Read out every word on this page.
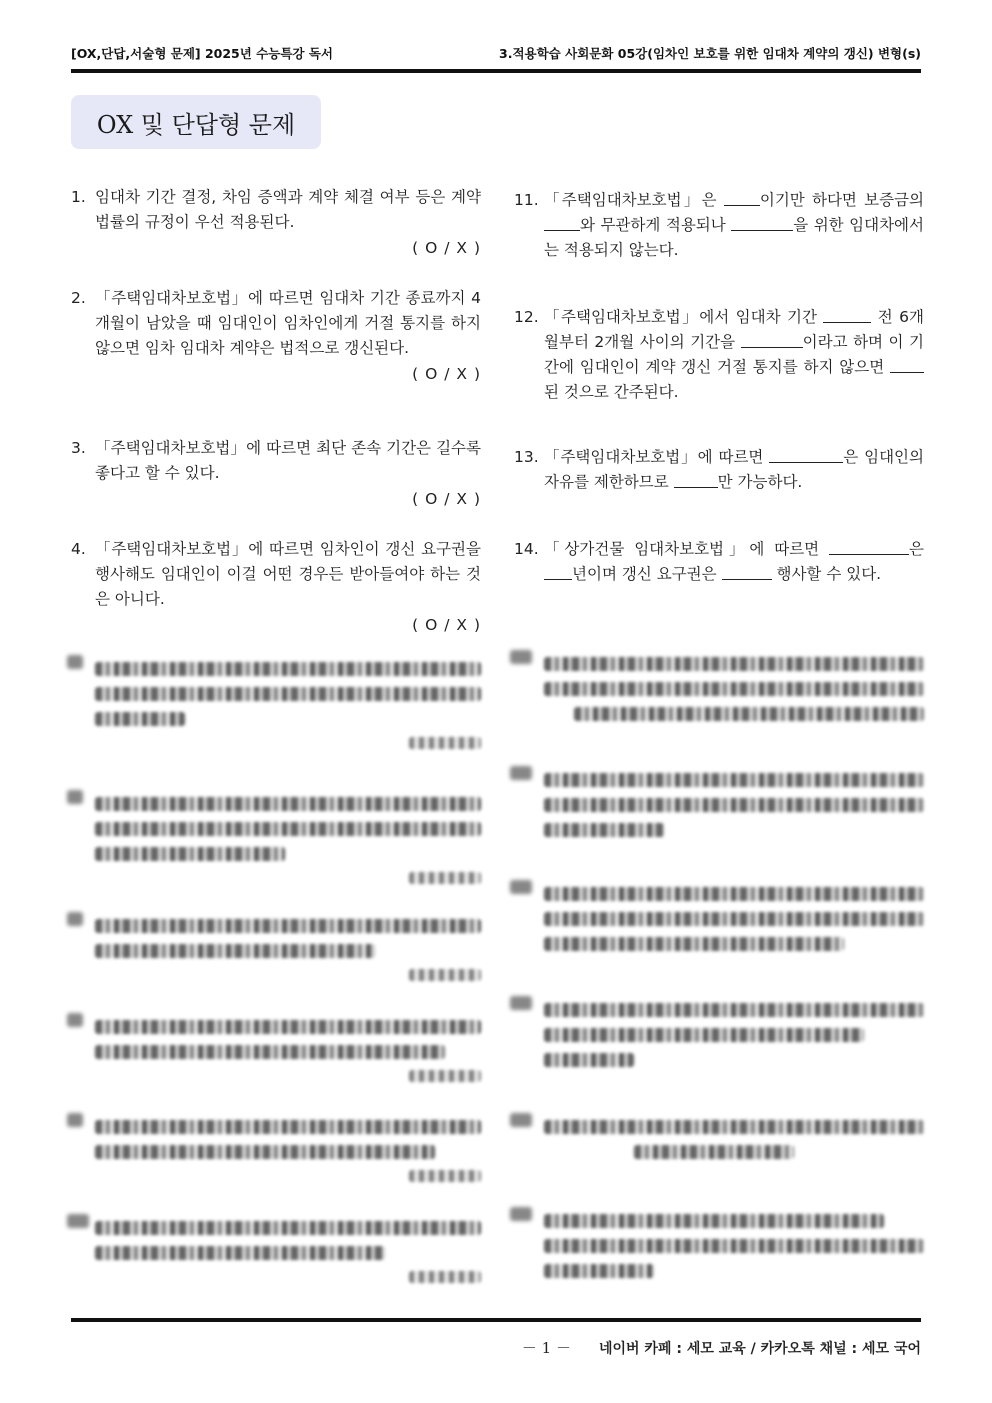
[OX,단답,서술형 문제] 2025년 수능특강 독서	3.적용학습 사회문화 05강(임차인 보호를 위한 임대차 계약의 갱신) 변형(s)
OX 및 단답형 문제
1. 임대차 기간 결정, 차임 증액과 계약 체결 여부 등은 계약 법률의 규정이 우선 적용된다.
( O / X )
2. 「주택임대차보호법」에 따르면 임대차 기간 종료까지 4개월이 남았을 때 임대인이 임차인에게 거절 통지를 하지 않으면 임차 임대차 계약은 법적으로 갱신된다.
( O / X )
3. 「주택임대차보호법」에 따르면 최단 존속 기간은 길수록 좋다고 할 수 있다.
( O / X )
4. 「주택임대차보호법」에 따르면 임차인이 갱신 요구권을 행사해도 임대인이 이걸 어떤 경우든 받아들여야 하는 것은 아니다.
( O / X )
11. 「주택임대차보호법」은 이기만 하다면 보증금의 와 무관하게 적용되나	을 위한 임대차에서는 적용되지 않는다.
12. 「주택임대차보호법」에서 임대차 기간	전 6개월부터 2개월 사이의 기간을	이라고 하며 이 기간에 임대인이 계약 갱신 거절 통지를 하지 않으면 된 것으로 간주된다.
13. 「주택임대차보호법」에 따르면	은 임대인의 자유를 제한하므로	만 가능하다.
14. 「상가건물 임대차보호법」에 따르면	은 년이며 갱신 요구권은	행사할 수 있다.
－ 1 － 네이버 카페 : 세모 교육 / 카카오톡 채널 : 세모 국어
